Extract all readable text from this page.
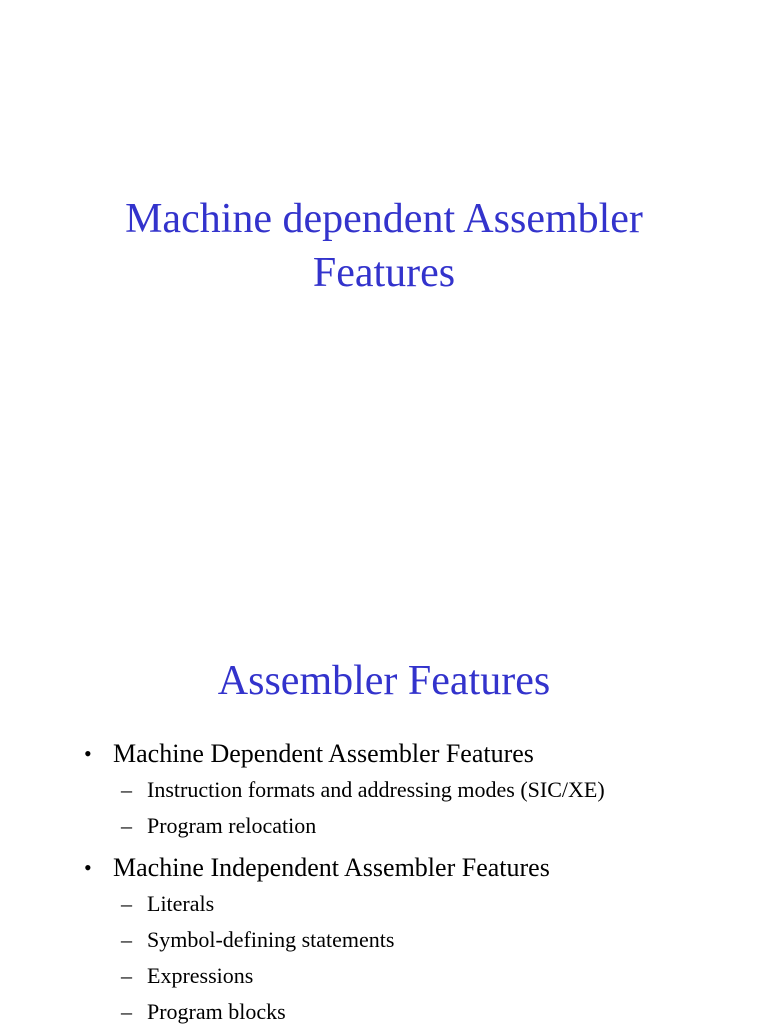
Machine dependent Assembler
Features
Assembler Features
• Machine Dependent Assembler Features
– Instruction formats and addressing modes (SIC/XE)
– Program relocation
• Machine Independent Assembler Features
– Literals
– Symbol-defining statements
– Expressions
– Program blocks
